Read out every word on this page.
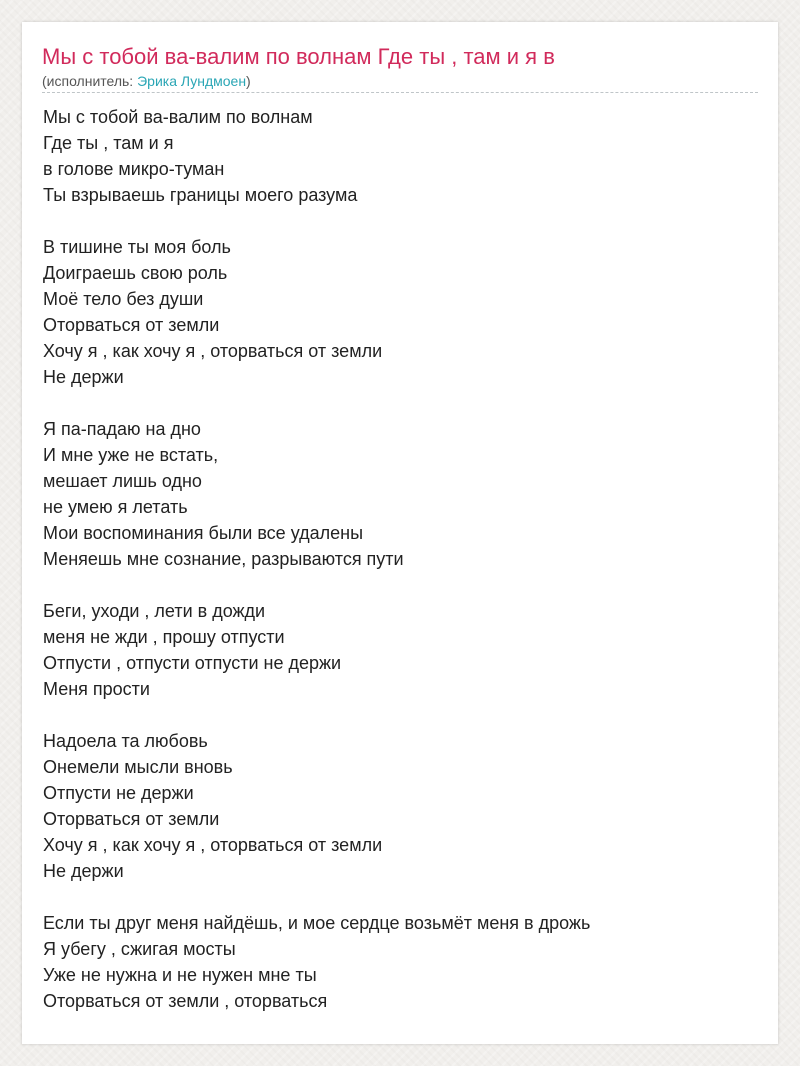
Мы с тобой ва-валим по волнам Где ты , там и я в
(исполнитель: Эрика Лундмоен)
Мы с тобой ва-валим по волнам
Где ты , там и я
в голове микро-туман
Ты взрываешь границы моего разума
В тишине ты моя боль
Доиграешь свою роль
Моё тело без души
Оторваться от земли
Хочу я , как хочу я , оторваться от земли
Не держи
Я па-падаю на дно
И мне уже не встать,
мешает лишь одно
не умею я летать
Мои воспоминания были все удалены
Меняешь мне сознание, разрываются пути
Беги, уходи , лети в дожди
меня не жди , прошу отпусти
Отпусти , отпусти отпусти не держи
Меня прости
Надоела та любовь
Онемели мысли вновь
Отпусти не держи
Оторваться от земли
Хочу я , как хочу я , оторваться от земли
Не держи
Если ты друг меня найдёшь, и мое сердце возьмёт меня в дрожь
Я убегу , сжигая мосты
Уже не нужна и не нужен мне ты
Оторваться от земли , оторваться
